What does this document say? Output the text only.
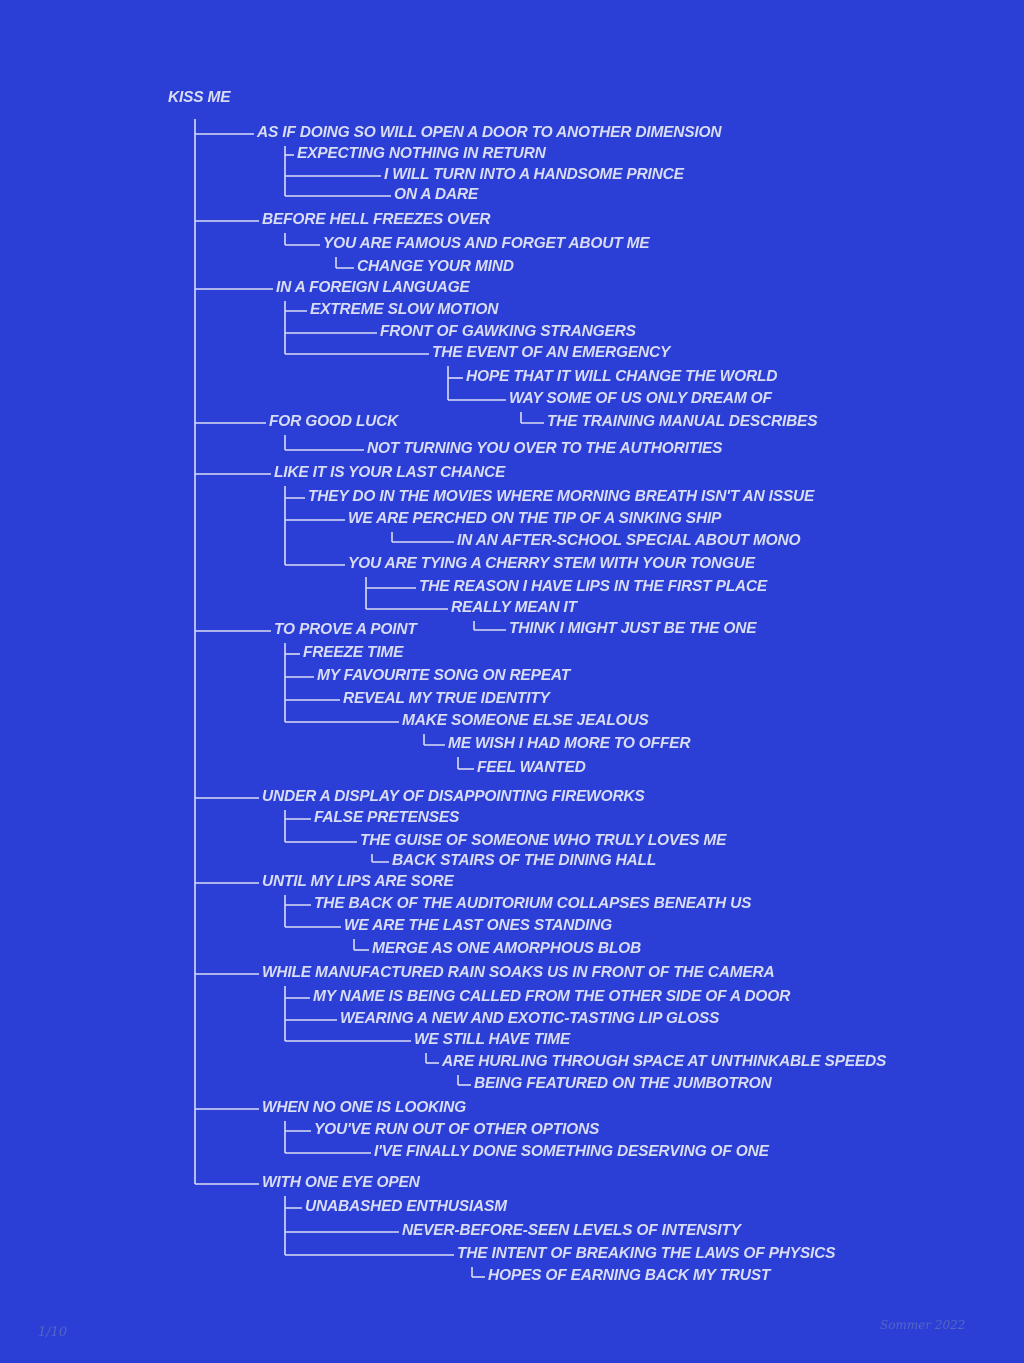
KISS ME
AS IF DOING SO WILL OPEN A DOOR TO ANOTHER DIMENSION
EXPECTING NOTHING IN RETURN
I WILL TURN INTO A HANDSOME PRINCE
ON A DARE
BEFORE HELL FREEZES OVER
YOU ARE FAMOUS AND FORGET ABOUT ME
CHANGE YOUR MIND
IN A FOREIGN LANGUAGE
EXTREME SLOW MOTION
FRONT OF GAWKING STRANGERS
THE EVENT OF AN EMERGENCY
HOPE THAT IT WILL CHANGE THE WORLD
WAY SOME OF US ONLY DREAM OF
THE TRAINING MANUAL DESCRIBES
FOR GOOD LUCK
NOT TURNING YOU OVER TO THE AUTHORITIES
LIKE IT IS YOUR LAST CHANCE
THEY DO IN THE MOVIES WHERE MORNING BREATH ISN'T AN ISSUE
WE ARE PERCHED ON THE TIP OF A SINKING SHIP
IN AN AFTER-SCHOOL SPECIAL ABOUT MONO
YOU ARE TYING A CHERRY STEM WITH YOUR TONGUE
THE REASON I HAVE LIPS IN THE FIRST PLACE
REALLY MEAN IT
THINK I MIGHT JUST BE THE ONE
TO PROVE A POINT
FREEZE TIME
MY FAVOURITE SONG ON REPEAT
REVEAL MY TRUE IDENTITY
MAKE SOMEONE ELSE JEALOUS
ME WISH I HAD MORE TO OFFER
FEEL WANTED
UNDER A DISPLAY OF DISAPPOINTING FIREWORKS
FALSE PRETENSES
THE GUISE OF SOMEONE WHO TRULY LOVES ME
BACK STAIRS OF THE DINING HALL
UNTIL MY LIPS ARE SORE
THE BACK OF THE AUDITORIUM COLLAPSES BENEATH US
WE ARE THE LAST ONES STANDING
MERGE AS ONE AMORPHOUS BLOB
WHILE MANUFACTURED RAIN SOAKS US IN FRONT OF THE CAMERA
MY NAME IS BEING CALLED FROM THE OTHER SIDE OF A DOOR
WEARING A NEW AND EXOTIC-TASTING LIP GLOSS
WE STILL HAVE TIME
ARE HURLING THROUGH SPACE AT UNTHINKABLE SPEEDS
BEING FEATURED ON THE JUMBOTRON
WHEN NO ONE IS LOOKING
YOU'VE RUN OUT OF OTHER OPTIONS
I'VE FINALLY DONE SOMETHING DESERVING OF ONE
WITH ONE EYE OPEN
UNABASHED ENTHUSIASM
NEVER-BEFORE-SEEN LEVELS OF INTENSITY
THE INTENT OF BREAKING THE LAWS OF PHYSICS
HOPES OF EARNING BACK MY TRUST
1/10	Sommer 2022
